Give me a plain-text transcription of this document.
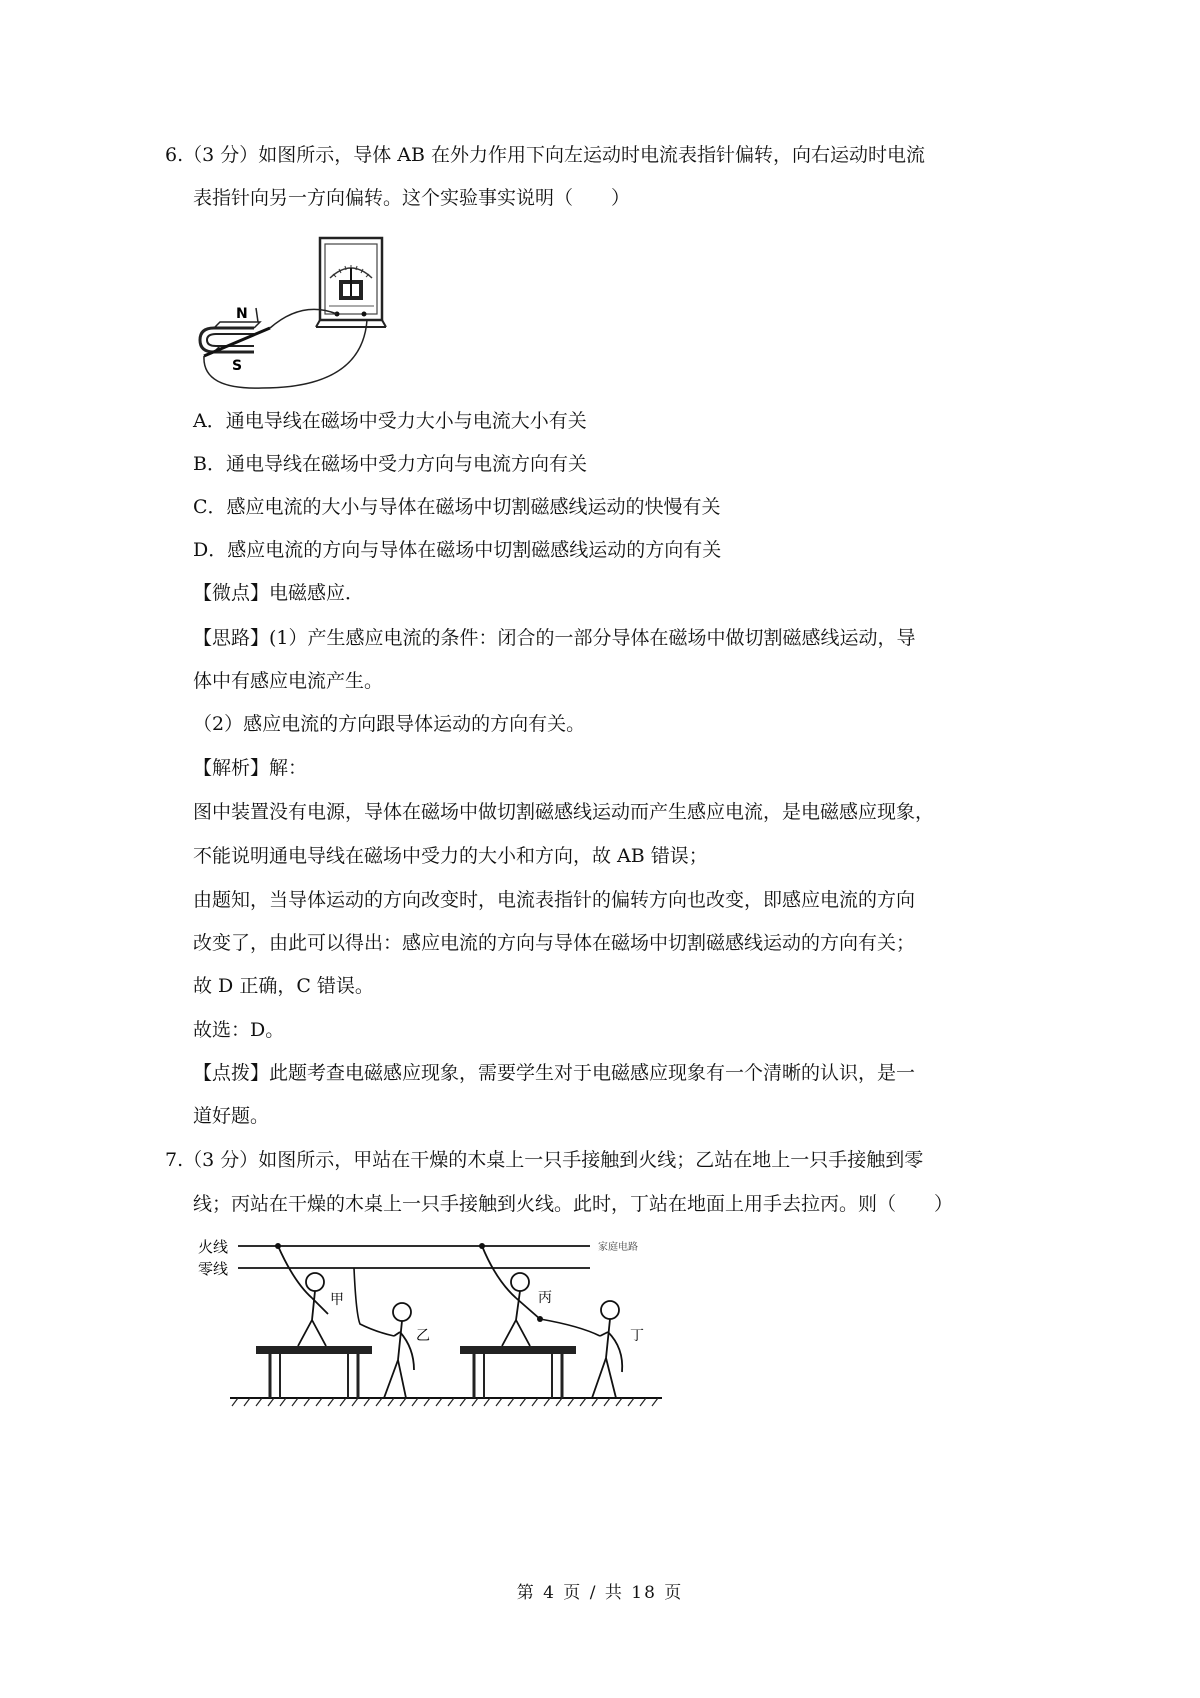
6.（3 分）如图所示，导体 AB 在外力作用下向左运动时电流表指针偏转，向右运动时电流
表指针向另一方向偏转。这个实验事实说明（　　）
N
S
A．通电导线在磁场中受力大小与电流大小有关
B．通电导线在磁场中受力方向与电流方向有关
C．感应电流的大小与导体在磁场中切割磁感线运动的快慢有关
D．感应电流的方向与导体在磁场中切割磁感线运动的方向有关
【微点】电磁感应．
【思路】(1）产生感应电流的条件：闭合的一部分导体在磁场中做切割磁感线运动，导
体中有感应电流产生。
（2）感应电流的方向跟导体运动的方向有关。
【解析】解：
图中装置没有电源，导体在磁场中做切割磁感线运动而产生感应电流，是电磁感应现象，
不能说明通电导线在磁场中受力的大小和方向，故 AB 错误；
由题知，当导体运动的方向改变时，电流表指针的偏转方向也改变，即感应电流的方向
改变了，由此可以得出：感应电流的方向与导体在磁场中切割磁感线运动的方向有关；
故 D 正确，C 错误。
故选：D。
【点拨】此题考查电磁感应现象，需要学生对于电磁感应现象有一个清晰的认识，是一
道好题。
7.（3 分）如图所示，甲站在干燥的木桌上一只手接触到火线；乙站在地上一只手接触到零
线；丙站在干燥的木桌上一只手接触到火线。此时，丁站在地面上用手去拉丙。则（　　）
火线
零线
家庭电路
甲
乙
丙
丁
第 4 页 / 共 18 页
